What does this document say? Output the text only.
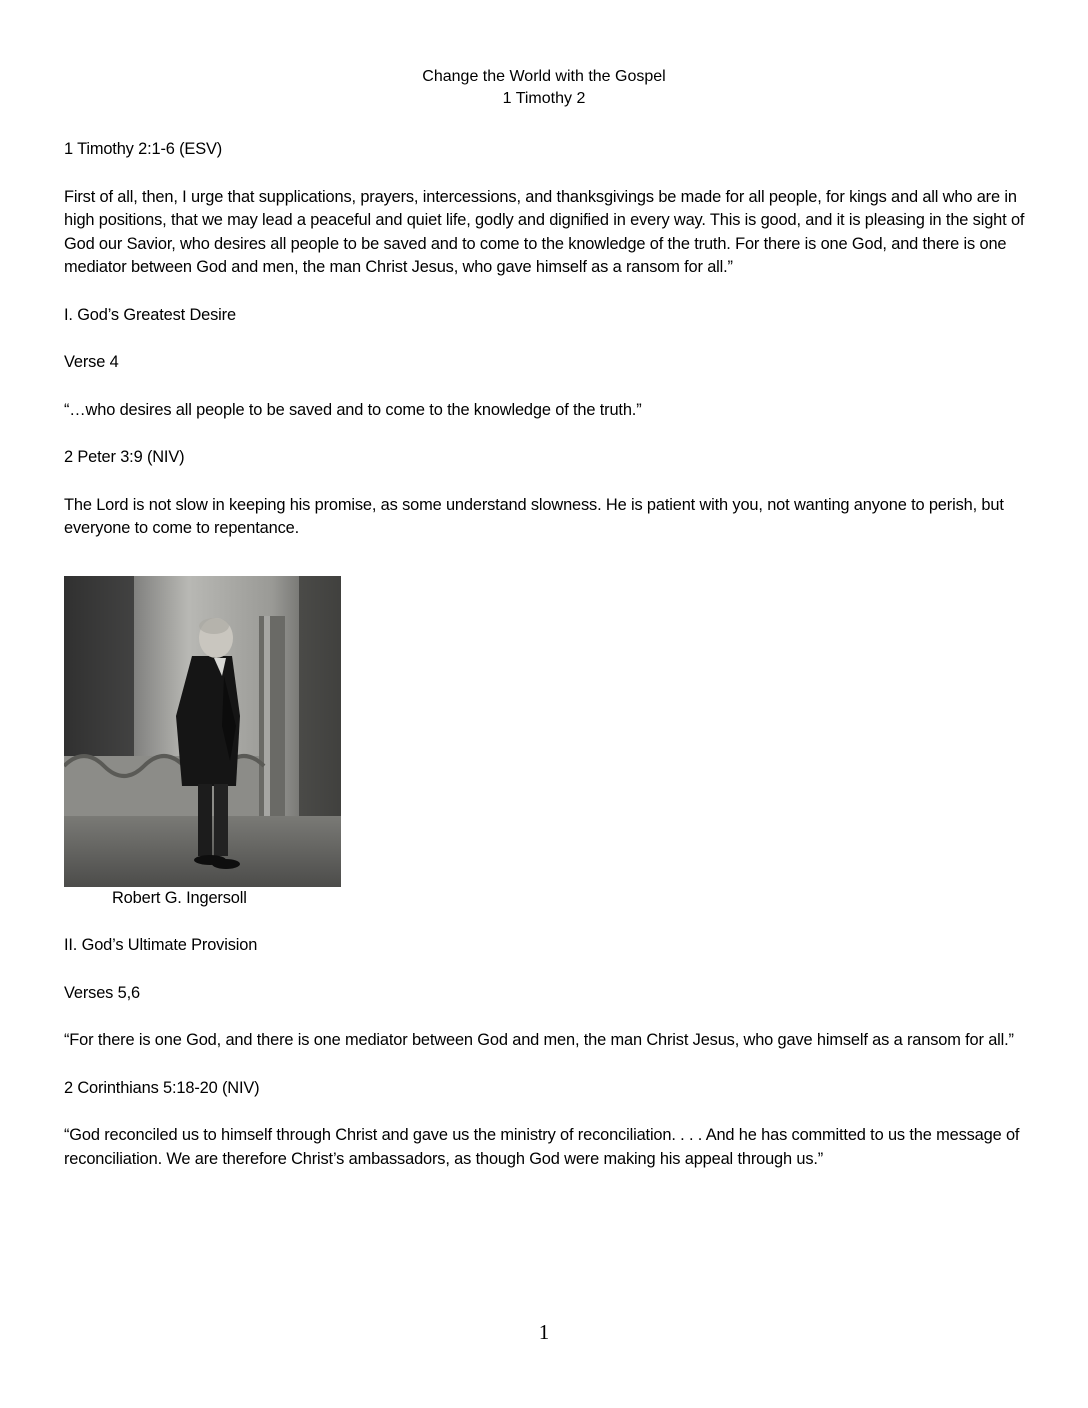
Change the World with the Gospel
1 Timothy 2

1 Timothy 2:1-6 (ESV)

First of all, then, I urge that supplications, prayers, intercessions, and thanksgivings be made for all people, for kings and all who are in high positions, that we may lead a peaceful and quiet life, godly and dignified in every way. This is good, and it is pleasing in the sight of God our Savior, who desires all people to be saved and to come to the knowledge of the truth. For there is one God, and there is one mediator between God and men, the man Christ Jesus, who gave himself as a ransom for all.”

I. God’s Greatest Desire

Verse 4

“…who desires all people to be saved and to come to the knowledge of the truth.”

2 Peter 3:9 (NIV)

The Lord is not slow in keeping his promise, as some understand slowness. He is patient with you, not wanting anyone to perish, but everyone to come to repentance.

Robert G. Ingersoll

II. God’s Ultimate Provision

Verses 5,6

“For there is one God, and there is one mediator between God and men, the man Christ Jesus, who gave himself as a ransom for all.”

2 Corinthians 5:18-20 (NIV)

“God reconciled us to himself through Christ and gave us the ministry of reconciliation. . . . And he has committed to us the message of reconciliation. We are therefore Christ’s ambassadors, as though God were making his appeal through us.”

1
